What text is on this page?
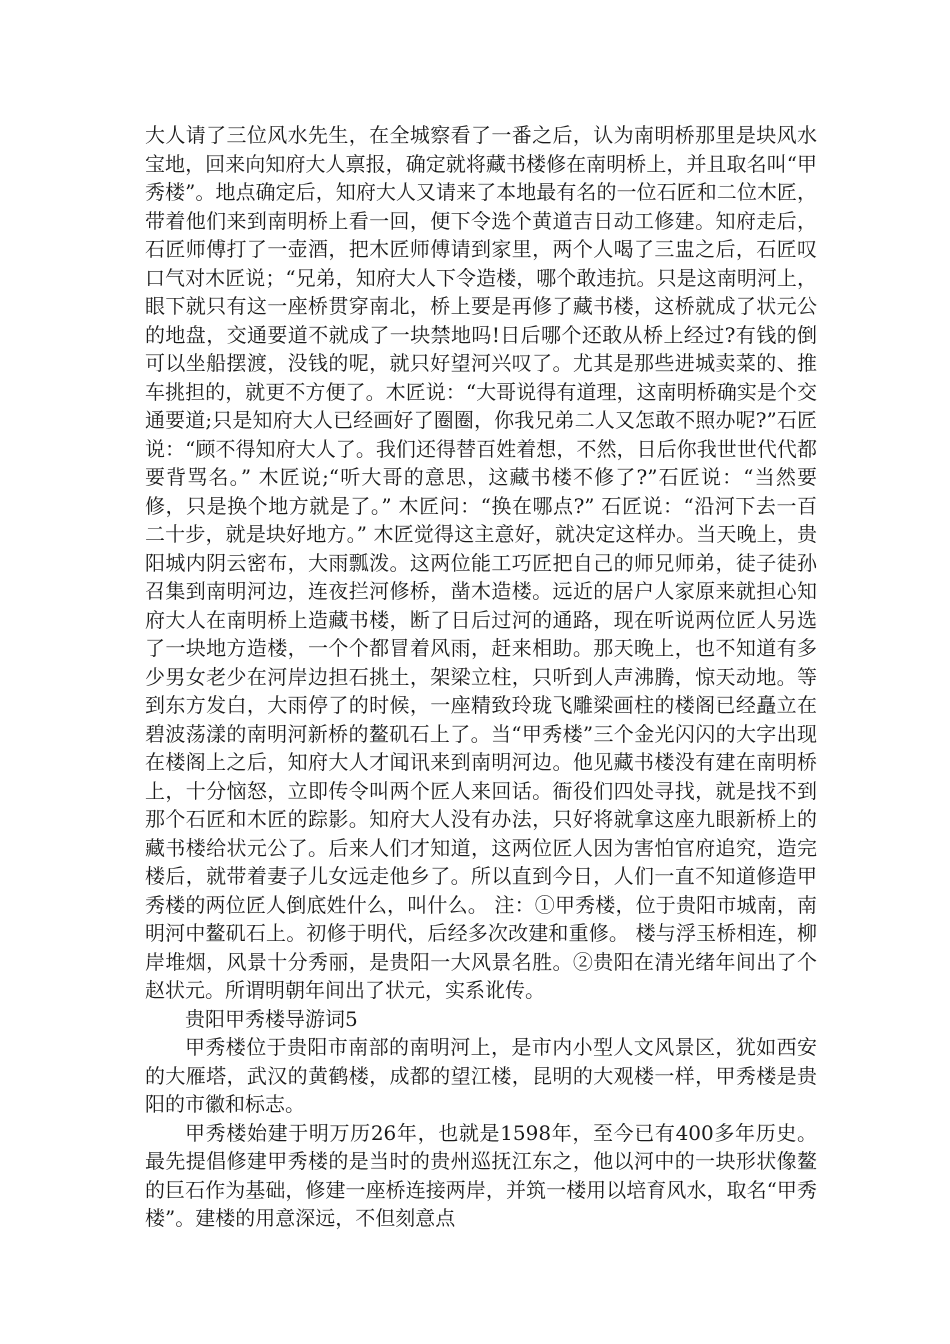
大人请了三位风水先生，在全城察看了一番之后，认为南明桥那里是块风水宝地，回来向知府大人禀报，确定就将藏书楼修在南明桥上，并且取名叫“甲秀楼”。地点确定后，知府大人又请来了本地最有名的一位石匠和二位木匠，带着他们来到南明桥上看一回，便下令选个黄道吉日动工修建。知府走后，石匠师傅打了一壶酒，把木匠师傅请到家里，两个人喝了三盅之后，石匠叹口气对木匠说；“兄弟，知府大人下令造楼，哪个敢违抗。只是这南明河上，眼下就只有这一座桥贯穿南北，桥上要是再修了藏书楼，这桥就成了状元公的地盘，交通要道不就成了一块禁地吗!日后哪个还敢从桥上经过?有钱的倒可以坐船摆渡，没钱的呢，就只好望河兴叹了。尤其是那些进城卖菜的、推车挑担的，就更不方便了。木匠说：“大哥说得有道理，这南明桥确实是个交通要道;只是知府大人已经画好了圈圈，你我兄弟二人又怎敢不照办呢?”石匠说：“顾不得知府大人了。我们还得替百姓着想，不然，日后你我世世代代都要背骂名。” 木匠说;“听大哥的意思，这藏书楼不修了?”石匠说：“当然要修，只是换个地方就是了。” 木匠问：“换在哪点?” 石匠说：“沿河下去一百二十步，就是块好地方。” 木匠觉得这主意好，就决定这样办。当天晚上，贵阳城内阴云密布，大雨瓢泼。这两位能工巧匠把自己的师兄师弟，徒子徒孙召集到南明河边，连夜拦河修桥，凿木造楼。远近的居户人家原来就担心知府大人在南明桥上造藏书楼，断了日后过河的通路，现在听说两位匠人另选了一块地方造楼，一个个都冒着风雨，赶来相助。那天晚上，也不知道有多少男女老少在河岸边担石挑土，架梁立柱，只听到人声沸腾，惊天动地。等到东方发白，大雨停了的时候，一座精致玲珑飞雕梁画柱的楼阁已经矗立在碧波荡漾的南明河新桥的鳌矶石上了。当“甲秀楼”三个金光闪闪的大字出现在楼阁上之后，知府大人才闻讯来到南明河边。他见藏书楼没有建在南明桥上，十分恼怒，立即传令叫两个匠人来回话。衙役们四处寻找，就是找不到那个石匠和木匠的踪影。知府大人没有办法，只好将就拿这座九眼新桥上的藏书楼给状元公了。后来人们才知道，这两位匠人因为害怕官府追究，造完楼后，就带着妻子儿女远走他乡了。所以直到今日，人们一直不知道修造甲秀楼的两位匠人倒底姓什么，叫什么。 注：①甲秀楼，位于贵阳市城南，南明河中鳌矶石上。初修于明代，后经多次改建和重修。 楼与浮玉桥相连，柳岸堆烟，风景十分秀丽，是贵阳一大风景名胜。②贵阳在清光绪年间出了个赵状元。所谓明朝年间出了状元，实系讹传。

贵阳甲秀楼导游词5

甲秀楼位于贵阳市南部的南明河上，是市内小型人文风景区，犹如西安的大雁塔，武汉的黄鹤楼，成都的望江楼，昆明的大观楼一样，甲秀楼是贵阳的市徽和标志。

甲秀楼始建于明万历26年，也就是1598年，至今已有400多年历史。最先提倡修建甲秀楼的是当时的贵州巡抚江东之，他以河中的一块形状像鳌的巨石作为基础，修建一座桥连接两岸，并筑一楼用以培育风水，取名“甲秀楼”。建楼的用意深远，不但刻意点
